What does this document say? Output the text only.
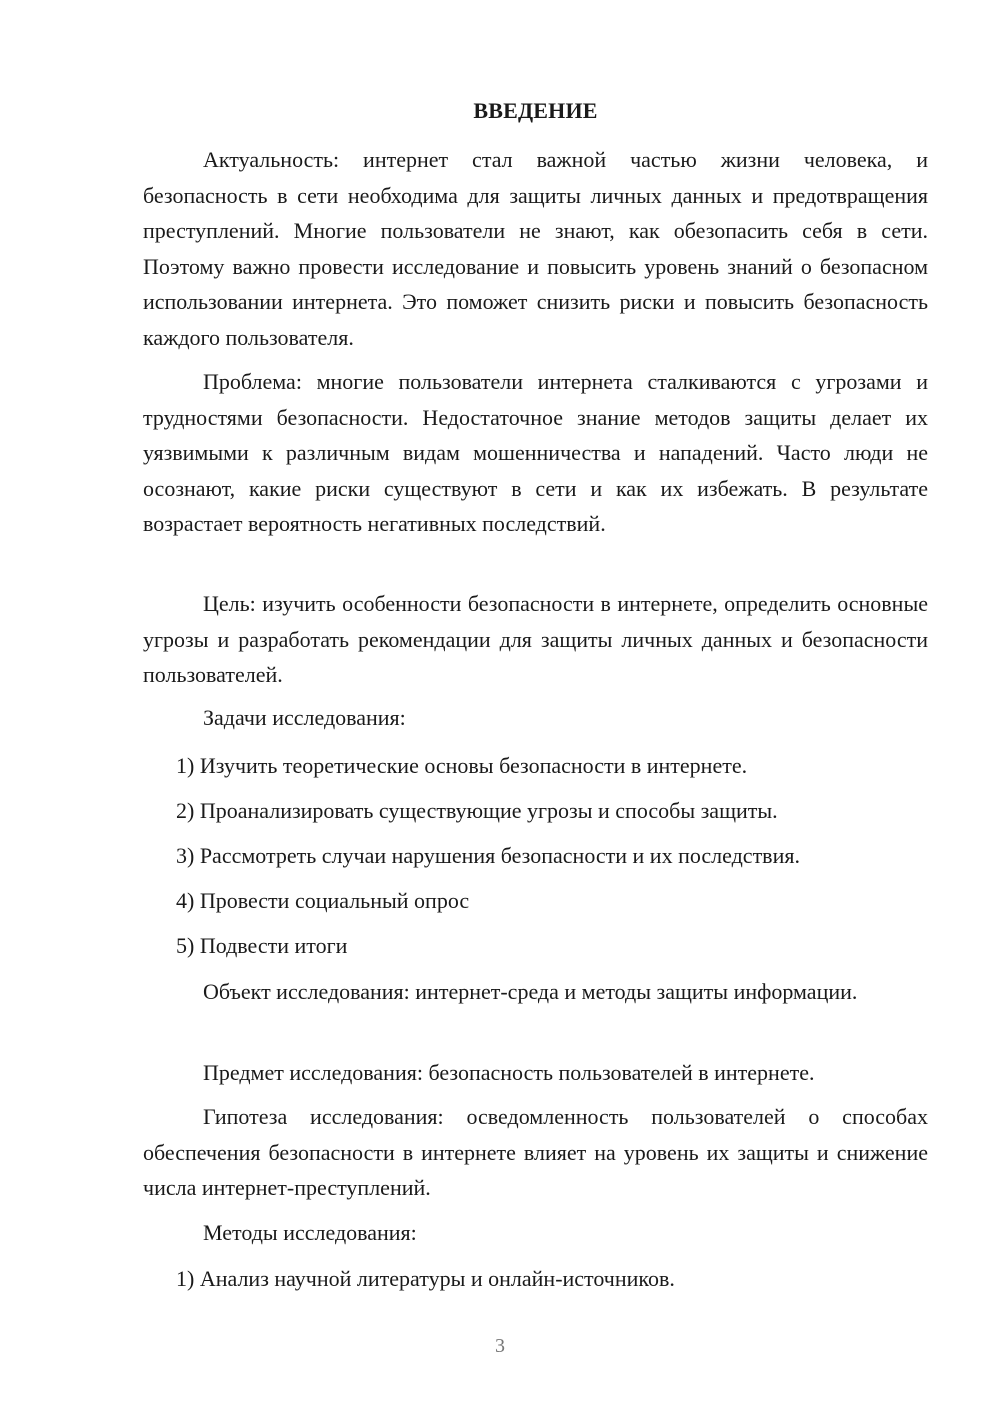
ВВЕДЕНИЕ

Актуальность: интернет стал важной частью жизни человека, и безопасность в сети необходима для защиты личных данных и предотвращения преступлений. Многие пользователи не знают, как обезопасить себя в сети. Поэтому важно провести исследование и повысить уровень знаний о безопасном использовании интернета. Это поможет снизить риски и повысить безопасность каждого пользователя.

Проблема: многие пользователи интернета сталкиваются с угрозами и трудностями безопасности. Недостаточное знание методов защиты делает их уязвимыми к различным видам мошенничества и нападений. Часто люди не осознают, какие риски существуют в сети и как их избежать. В результате возрастает вероятность негативных последствий.

Цель: изучить особенности безопасности в интернете, определить основные угрозы и разработать рекомендации для защиты личных данных и безопасности пользователей.

Задачи исследования:

1) Изучить теоретические основы безопасности в интернете.

2) Проанализировать существующие угрозы и способы защиты.

3) Рассмотреть случаи нарушения безопасности и их последствия.

4) Провести социальный опрос

5) Подвести итоги

Объект исследования: интернет-среда и методы защиты информации.

Предмет исследования: безопасность пользователей в интернете.

Гипотеза исследования: осведомленность пользователей о способах обеспечения безопасности в интернете влияет на уровень их защиты и снижение числа интернет-преступлений.

Методы исследования:

1) Анализ научной литературы и онлайн-источников.

3
